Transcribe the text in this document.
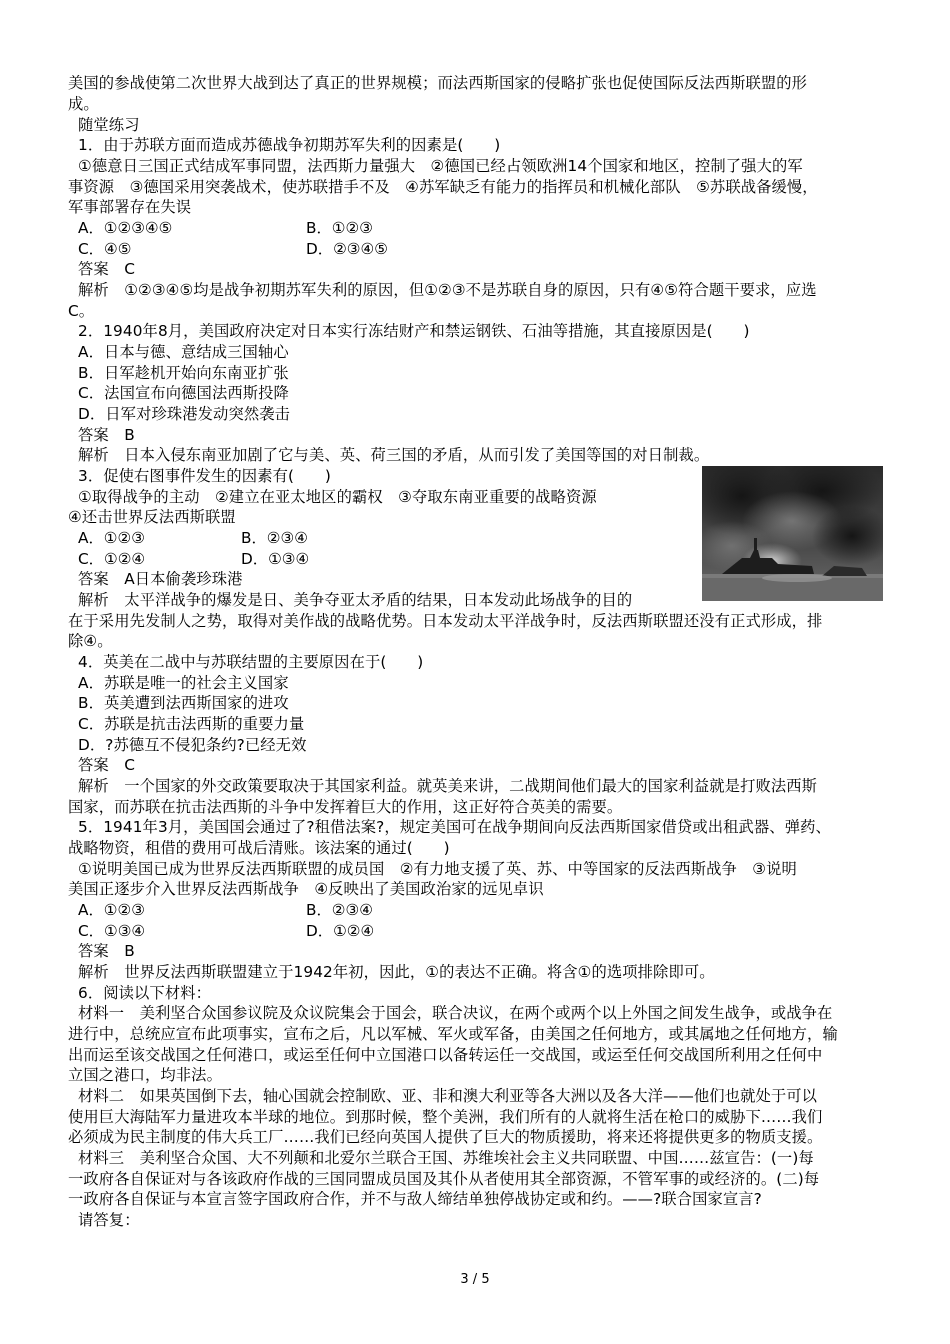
美国的参战使第二次世界大战到达了真正的世界规模；而法西斯国家的侵略扩张也促使国际反法西斯联盟的形
成。
随堂练习
1．由于苏联方面而造成苏德战争初期苏军失利的因素是(　　)
①德意日三国正式结成军事同盟，法西斯力量强大　②德国已经占领欧洲14个国家和地区，控制了强大的军
事资源　③德国采用突袭战术，使苏联措手不及　④苏军缺乏有能力的指挥员和机械化部队　⑤苏联战备缓慢，
军事部署存在失误
A．①②③④⑤	B．①②③
C．④⑤	D．②③④⑤
答案　C
解析　①②③④⑤均是战争初期苏军失利的原因，但①②③不是苏联自身的原因，只有④⑤符合题干要求，应选
C。
2．1940年8月，美国政府决定对日本实行冻结财产和禁运钢铁、石油等措施，其直接原因是(　　)
A．日本与德、意结成三国轴心
B．日军趁机开始向东南亚扩张
C．法国宣布向德国法西斯投降
D．日军对珍珠港发动突然袭击
答案　B
解析　日本入侵东南亚加剧了它与美、英、荷三国的矛盾，从而引发了美国等国的对日制裁。
3．促使右图事件发生的因素有(　　)
①取得战争的主动　②建立在亚太地区的霸权　③夺取东南亚重要的战略资源
④还击世界反法西斯联盟
A．①②③	B．②③④
C．①②④	D．①③④
答案　A日本偷袭珍珠港
解析　太平洋战争的爆发是日、美争夺亚太矛盾的结果，日本发动此场战争的目的
在于采用先发制人之势，取得对美作战的战略优势。日本发动太平洋战争时，反法西斯联盟还没有正式形成，排
除④。
4．英美在二战中与苏联结盟的主要原因在于(　　)
A．苏联是唯一的社会主义国家
B．英美遭到法西斯国家的进攻
C．苏联是抗击法西斯的重要力量
D．?苏德互不侵犯条约?已经无效
答案　C
解析　一个国家的外交政策要取决于其国家利益。就英美来讲，二战期间他们最大的国家利益就是打败法西斯
国家，而苏联在抗击法西斯的斗争中发挥着巨大的作用，这正好符合英美的需要。
5．1941年3月，美国国会通过了?租借法案?，规定美国可在战争期间向反法西斯国家借贷或出租武器、弹药、
战略物资，租借的费用可战后清账。该法案的通过(　　)
①说明美国已成为世界反法西斯联盟的成员国　②有力地支援了英、苏、中等国家的反法西斯战争　③说明
美国正逐步介入世界反法西斯战争　④反映出了美国政治家的远见卓识
A．①②③	B．②③④
C．①③④	D．①②④
答案　B
解析　世界反法西斯联盟建立于1942年初，因此，①的表达不正确。将含①的选项排除即可。
6．阅读以下材料：
材料一　美利坚合众国参议院及众议院集会于国会，联合决议，在两个或两个以上外国之间发生战争，或战争在
进行中，总统应宣布此项事实，宣布之后，凡以军械、军火或军备，由美国之任何地方，或其属地之任何地方，输
出而运至该交战国之任何港口，或运至任何中立国港口以备转运任一交战国，或运至任何交战国所利用之任何中
立国之港口，均非法。
材料二　如果英国倒下去，轴心国就会控制欧、亚、非和澳大利亚等各大洲以及各大洋——他们也就处于可以
使用巨大海陆军力量进攻本半球的地位。到那时候，整个美洲，我们所有的人就将生活在枪口的威胁下……我们
必须成为民主制度的伟大兵工厂……我们已经向英国人提供了巨大的物质援助，将来还将提供更多的物质支援。
材料三　美利坚合众国、大不列颠和北爱尔兰联合王国、苏维埃社会主义共同联盟、中国……兹宣告：(一)每
一政府各自保证对与各该政府作战的三国同盟成员国及其仆从者使用其全部资源，不管军事的或经济的。(二)每
一政府各自保证与本宣言签字国政府合作，并不与敌人缔结单独停战协定或和约。——?联合国家宣言?
请答复：
3 / 5
